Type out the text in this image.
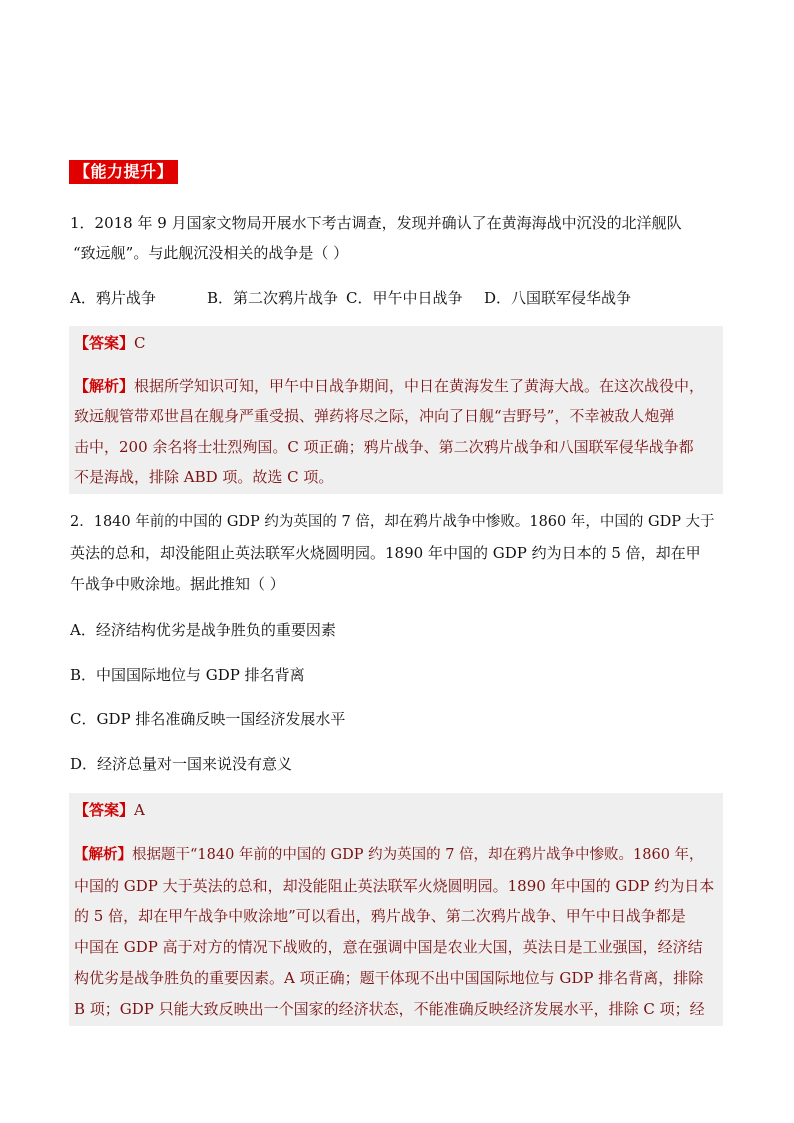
【能力提升】
1．2018 年 9 月国家文物局开展水下考古调查，发现并确认了在黄海海战中沉没的北洋舰队
“致远舰”。与此舰沉没相关的战争是（ ）
A．鸦片战争	B．第二次鸦片战争 C．甲午中日战争 D．八国联军侵华战争
【答案】C
【解析】根据所学知识可知，甲午中日战争期间，中日在黄海发生了黄海大战。在这次战役中，
致远舰管带邓世昌在舰身严重受损、弹药将尽之际，冲向了日舰“吉野号”，不幸被敌人炮弹
击中，200 余名将士壮烈殉国。C 项正确；鸦片战争、第二次鸦片战争和八国联军侵华战争都
不是海战，排除 ABD 项。故选 C 项。
2．1840 年前的中国的 GDP 约为英国的 7 倍，却在鸦片战争中惨败。1860 年，中国的 GDP 大于
英法的总和，却没能阻止英法联军火烧圆明园。1890 年中国的 GDP 约为日本的 5 倍，却在甲
午战争中败涂地。据此推知（ ）
A．经济结构优劣是战争胜负的重要因素
B．中国国际地位与 GDP 排名背离
C．GDP 排名准确反映一国经济发展水平
D．经济总量对一国来说没有意义
【答案】A
【解析】根据题干“1840 年前的中国的 GDP 约为英国的 7 倍，却在鸦片战争中惨败。1860 年，
中国的 GDP 大于英法的总和，却没能阻止英法联军火烧圆明园。1890 年中国的 GDP 约为日本
的 5 倍，却在甲午战争中败涂地”可以看出，鸦片战争、第二次鸦片战争、甲午中日战争都是
中国在 GDP 高于对方的情况下战败的，意在强调中国是农业大国，英法日是工业强国，经济结
构优劣是战争胜负的重要因素。A 项正确；题干体现不出中国国际地位与 GDP 排名背离，排除
B 项；GDP 只能大致反映出一个国家的经济状态，不能准确反映经济发展水平，排除 C 项；经
